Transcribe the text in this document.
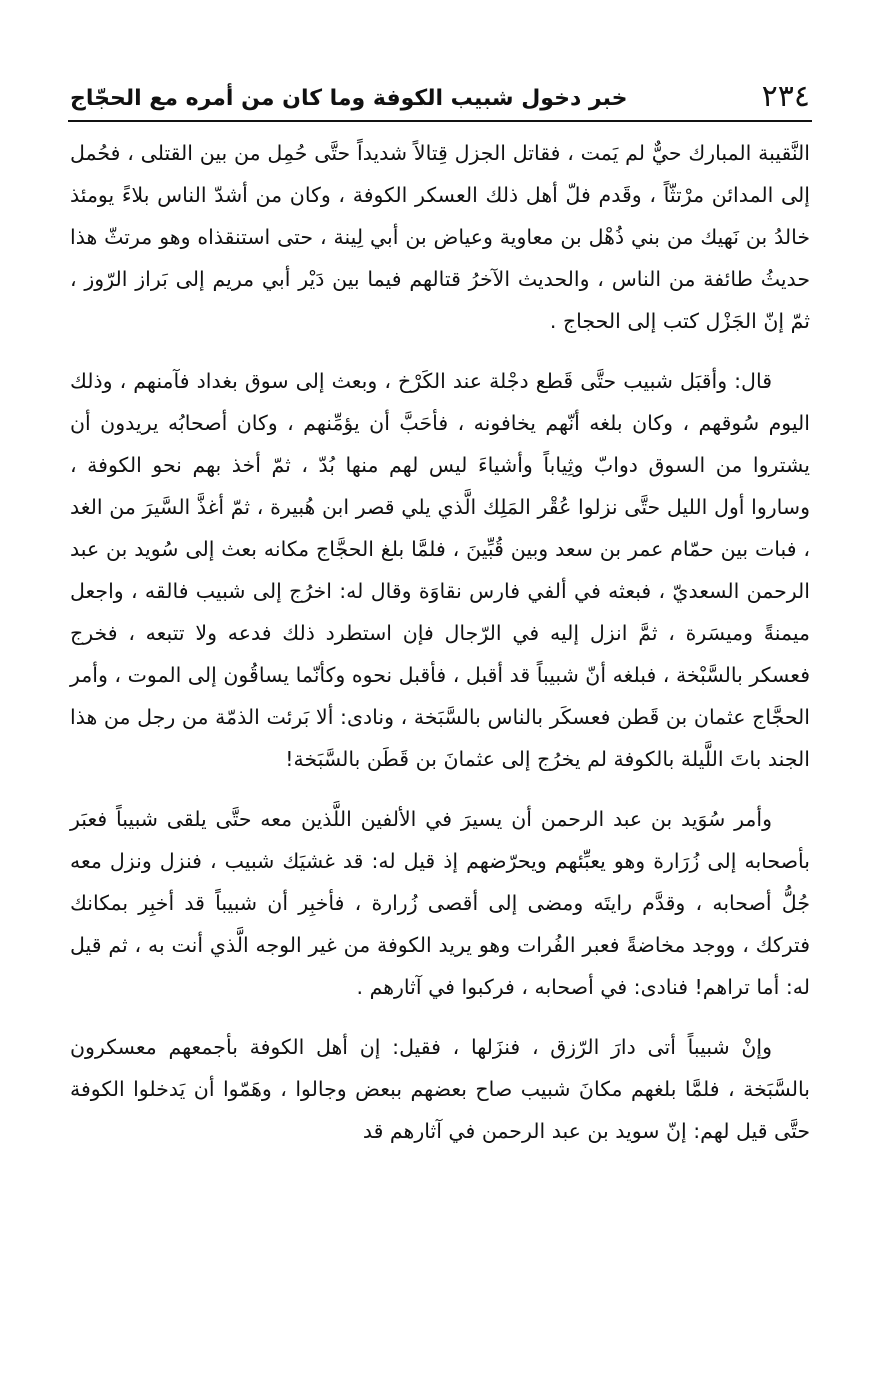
٢٣٤
خبر دخول شبيب الكوفة وما كان من أمره مع الحجّاج

النَّقيبة المبارك حيٌّ لم يَمت ، فقاتل الجزل قِتالاً شديداً حتَّى حُمِل من بين القتلى ، فحُمل إلى المدائن مرْتثّاً ، وقَدم فلّ أهل ذلك العسكر الكوفة ، وكان من أشدّ الناس بلاءً يومئذ خالدُ بن نَهيك من بني ذُهْل بن معاوية وعياض بن أبي لِينة ، حتى استنقذاه وهو مرتثّ هذا حديثُ طائفة من الناس ، والحديث الآخرُ قتالهم فيما بين دَيْر أبي مريم إلى بَراز الرّوز ، ثمّ إنّ الجَزْل كتب إلى الحجاج .

قال: وأقبَل شبيب حتَّى قَطع دجْلة عند الكَرْخ ، وبعث إلى سوق بغداد فآمنهم ، وذلك اليوم سُوقهم ، وكان بلغه أنّهم يخافونه ، فأحَبَّ أن يؤمِّنهم ، وكان أصحابُه يريدون أن يشتروا من السوق دوابّ وثِياباً وأشياءَ ليس لهم منها بُدّ ، ثمّ أخذ بهم نحو الكوفة ، وساروا أول الليل حتَّى نزلوا عُقْر المَلِك الَّذي يلي قصر ابن هُبيرة ، ثمّ أغذَّ السَّيرَ من الغد ، فبات بين حمّام عمر بن سعد وبين قُبِّينَ ، فلمَّا بلغ الحجَّاج مكانه بعث إلى سُويد بن عبد الرحمن السعديّ ، فبعثه في ألفي فارس نقاوَة وقال له: اخرُج إلى شبيب فالقه ، واجعل ميمنةً وميسَرة ، ثمَّ انزل إليه في الرّجال فإن استطرد ذلك فدعه ولا تتبعه ، فخرج فعسكر بالسَّبْخة ، فبلغه أنّ شبيباً قد أقبل ، فأقبل نحوه وكأنّما يساقُون إلى الموت ، وأمر الحجَّاج عثمان بن قَطن فعسكَر بالناس بالسَّبَخة ، ونادى: ألا بَرئت الذمّة من رجل من هذا الجند باتَ اللَّيلة بالكوفة لم يخرُج إلى عثمانَ بن قَطَن بالسَّبَخة!

وأمر سُوَيد بن عبد الرحمن أن يسيرَ في الألفين اللَّذين معه حتَّى يلقى شبيباً فعبَر بأصحابه إلى زُرَارة وهو يعبِّئهم ويحرّضهم إذ قيل له: قد غشيَك شبيب ، فنزل ونزل معه جُلُّ أصحابه ، وقدَّم رايتَه ومضى إلى أقصى زُرارة ، فأخبِر أن شبيباً قد أخبِر بمكانك فتركك ، ووجد مخاضةً فعبر الفُرات وهو يريد الكوفة من غير الوجه الَّذي أنت به ، ثم قيل له: أما تراهم! فنادى: في أصحابه ، فركبوا في آثارهم .

وإنْ شبيباً أتى دارَ الرّزق ، فنزَلها ، فقيل: إن أهل الكوفة بأجمعهم معسكرون بالسَّبَخة ، فلمَّا بلغهم مكانَ شبيب صاح بعضهم ببعض وجالوا ، وهَمّوا أن يَدخلوا الكوفة حتَّى قيل لهم: إنّ سويد بن عبد الرحمن في آثارهم قد
